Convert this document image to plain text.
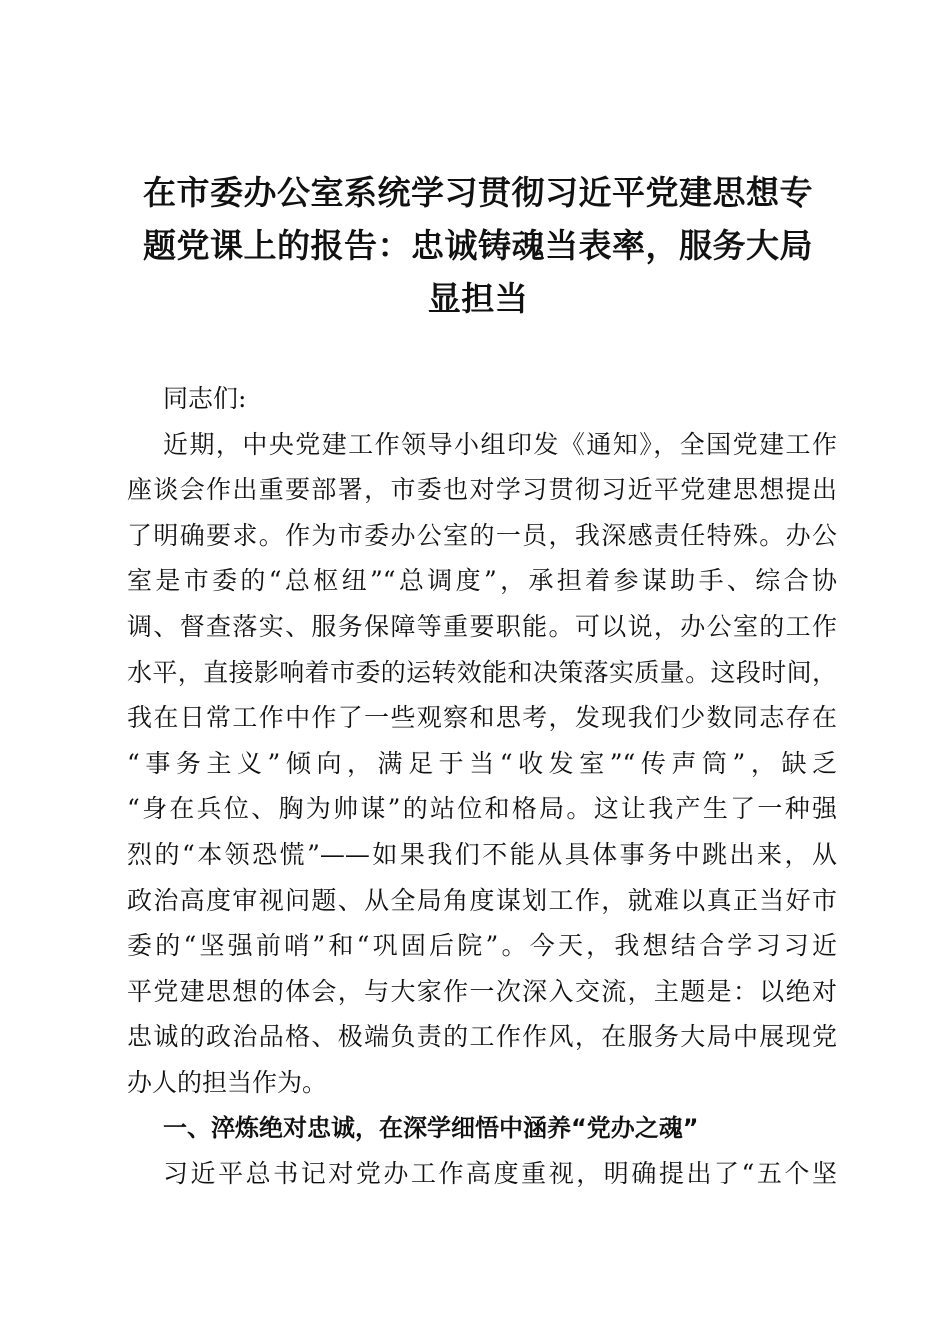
在市委办公室系统学习贯彻习近平党建思想专
题党课上的报告：忠诚铸魂当表率，服务大局
显担当
同志们:
近期，中央党建工作领导小组印发《通知》，全国党建工作
座谈会作出重要部署，市委也对学习贯彻习近平党建思想提出
了明确要求。作为市委办公室的一员，我深感责任特殊。办公
室是市委的“总枢纽”“总调度”，承担着参谋助手、综合协
调、督查落实、服务保障等重要职能。可以说，办公室的工作
水平，直接影响着市委的运转效能和决策落实质量。这段时间，
我在日常工作中作了一些观察和思考，发现我们少数同志存在
“事务主义”倾向，满足于当“收发室”“传声筒”，缺乏
“身在兵位、胸为帅谋”的站位和格局。这让我产生了一种强
烈的“本领恐慌”——如果我们不能从具体事务中跳出来，从
政治高度审视问题、从全局角度谋划工作，就难以真正当好市
委的“坚强前哨”和“巩固后院”。今天，我想结合学习习近
平党建思想的体会，与大家作一次深入交流，主题是：以绝对
忠诚的政治品格、极端负责的工作作风，在服务大局中展现党
办人的担当作为。
一、淬炼绝对忠诚，在深学细悟中涵养“党办之魂”
习近平总书记对党办工作高度重视，明确提出了“五个坚
